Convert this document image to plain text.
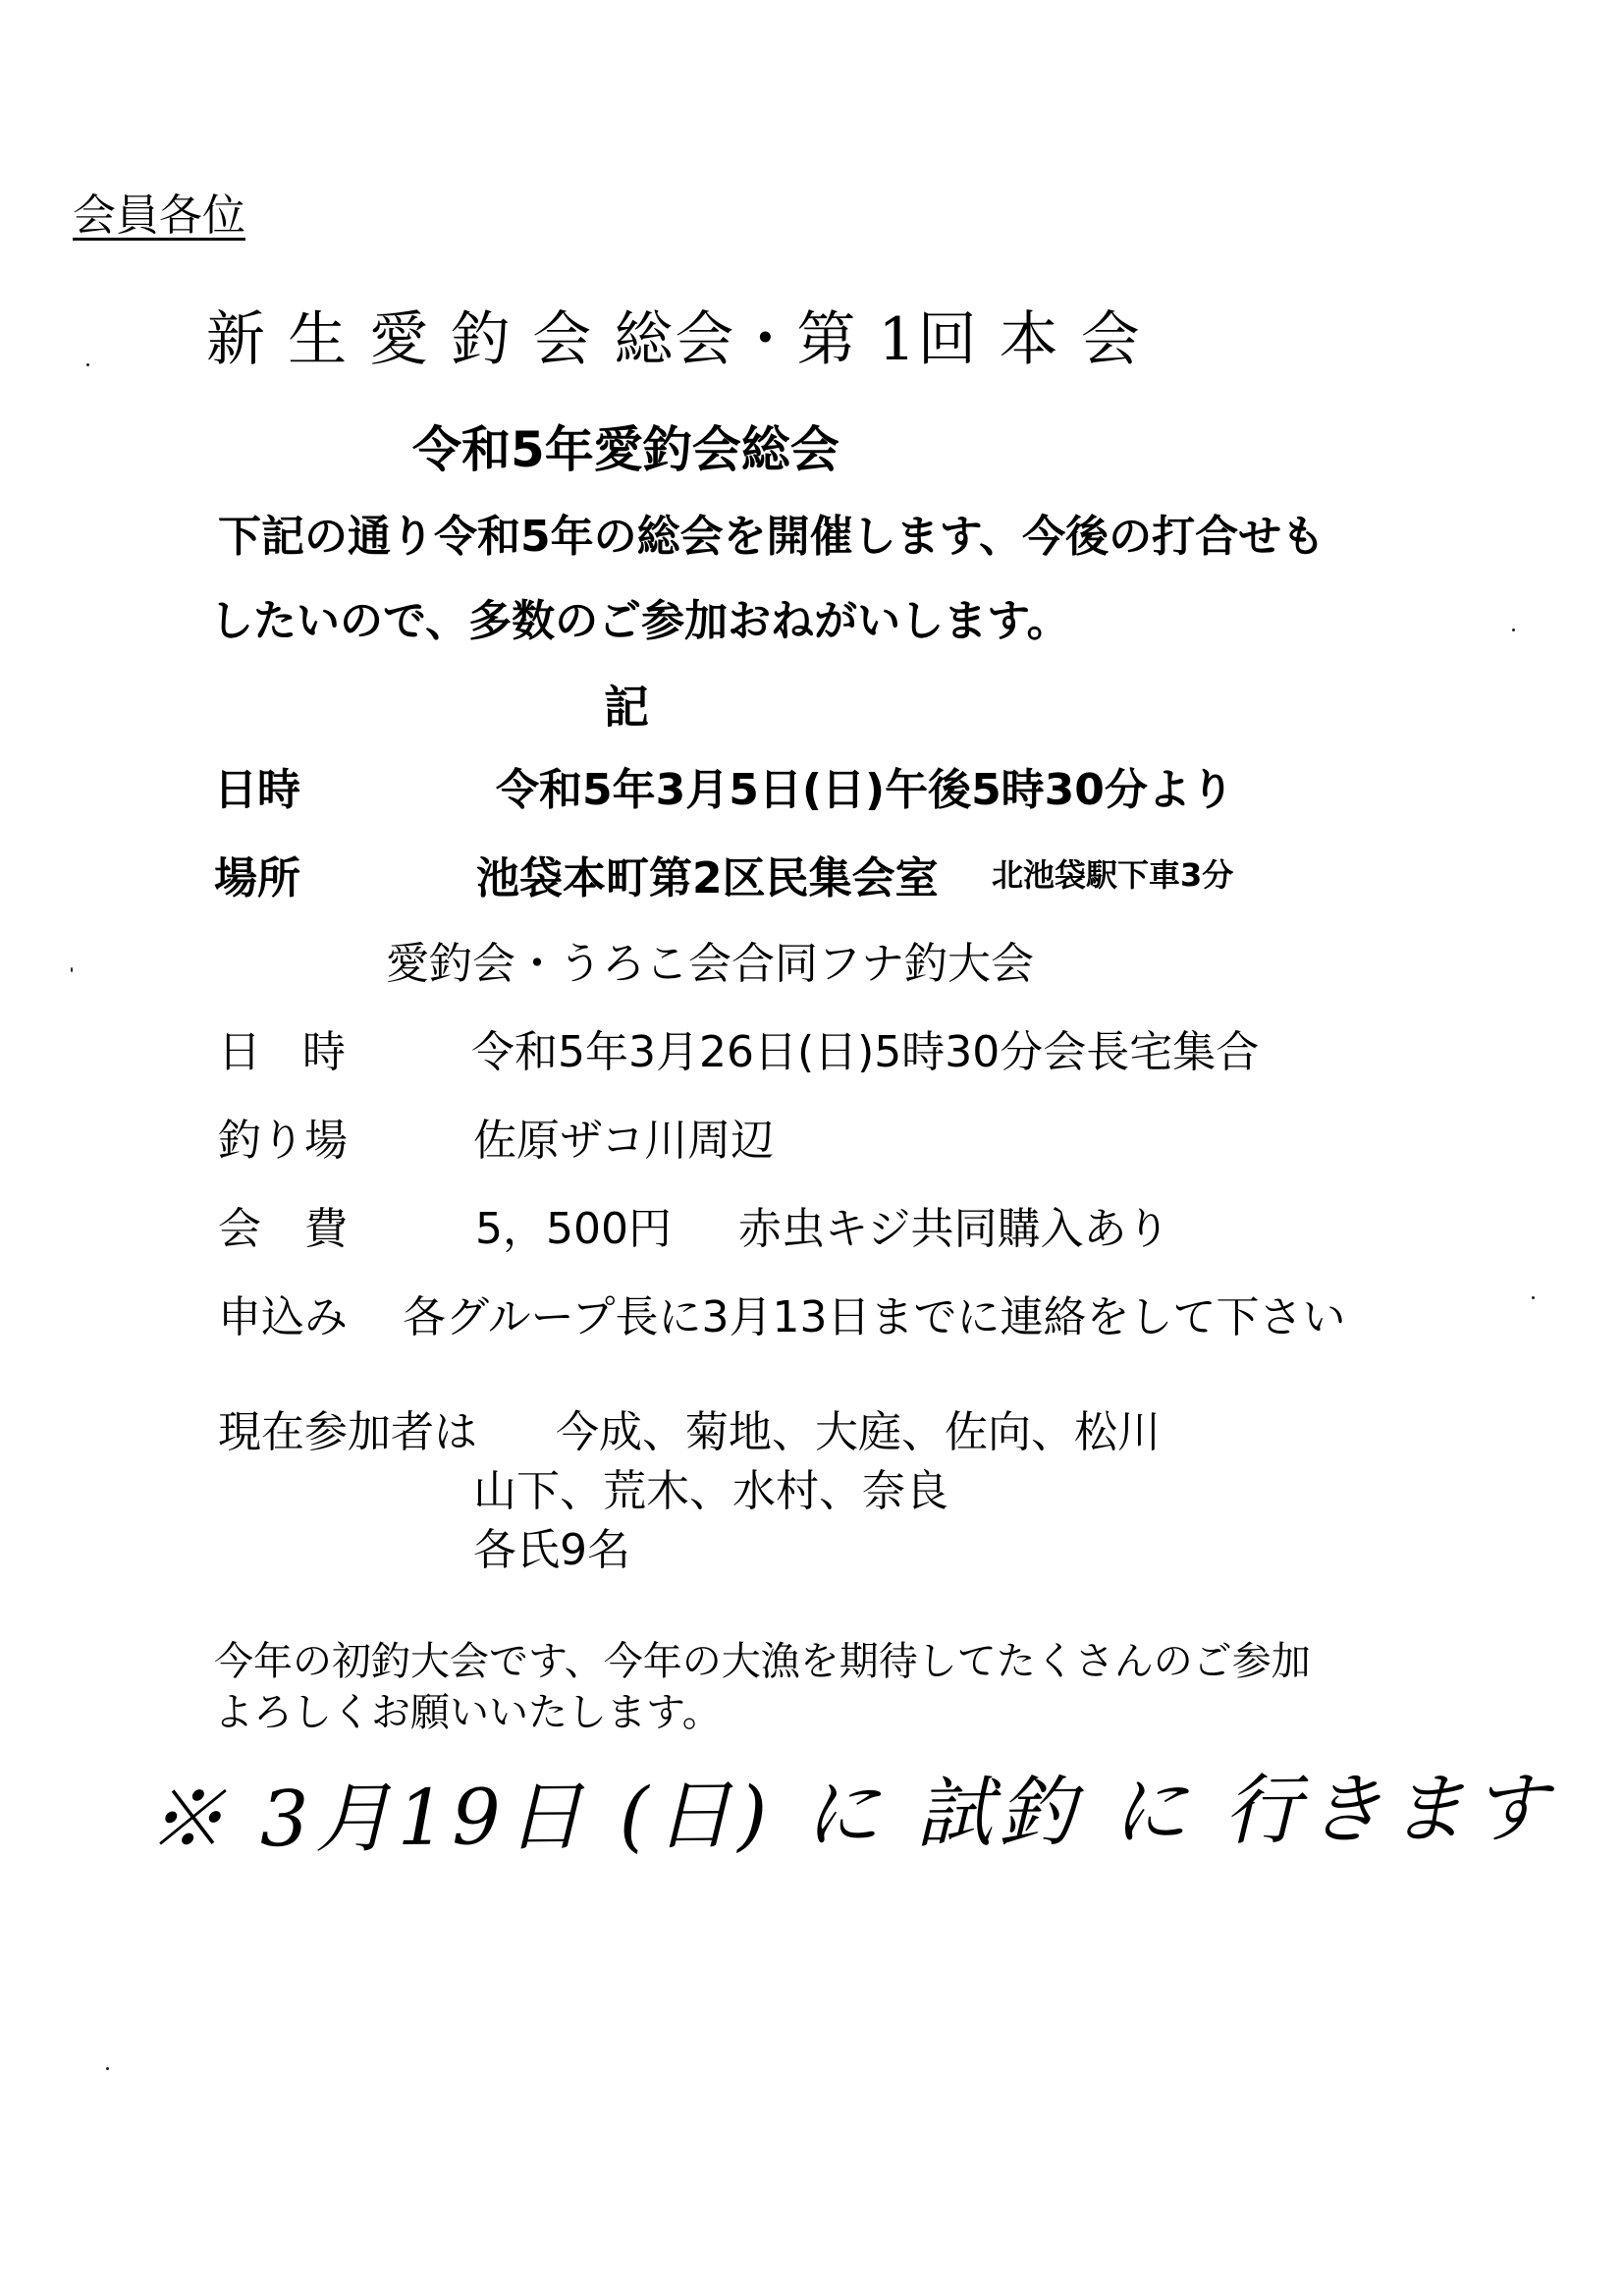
会員各位
新 生 愛 釣 会 総会・第 1回 本 会
令和5年愛釣会総会
下記の通り令和5年の総会を開催します、今後の打合せも
したいので、多数のご参加おねがいします。
記
日時	令和5年3月5日(日)午後5時30分より
場所	池袋本町第2区民集会室 北池袋駅下車3分
愛釣会・うろこ会合同フナ釣大会
日 時	令和5年3月26日(日)5時30分会長宅集合
釣り場	佐原ザコ川周辺
会　費	5，500円 赤虫キジ共同購入あり
申込み 各グループ長に3月13日までに連絡をして下さい
現在参加者は 今成、菊地、大庭、佐向、松川
山下、荒木、水村、奈良
各氏9名
今年の初釣大会です、今年の大漁を期待してたくさんのご参加
よろしくお願いいたします。
※ 3月19日 (日) に 試釣 に 行きます
